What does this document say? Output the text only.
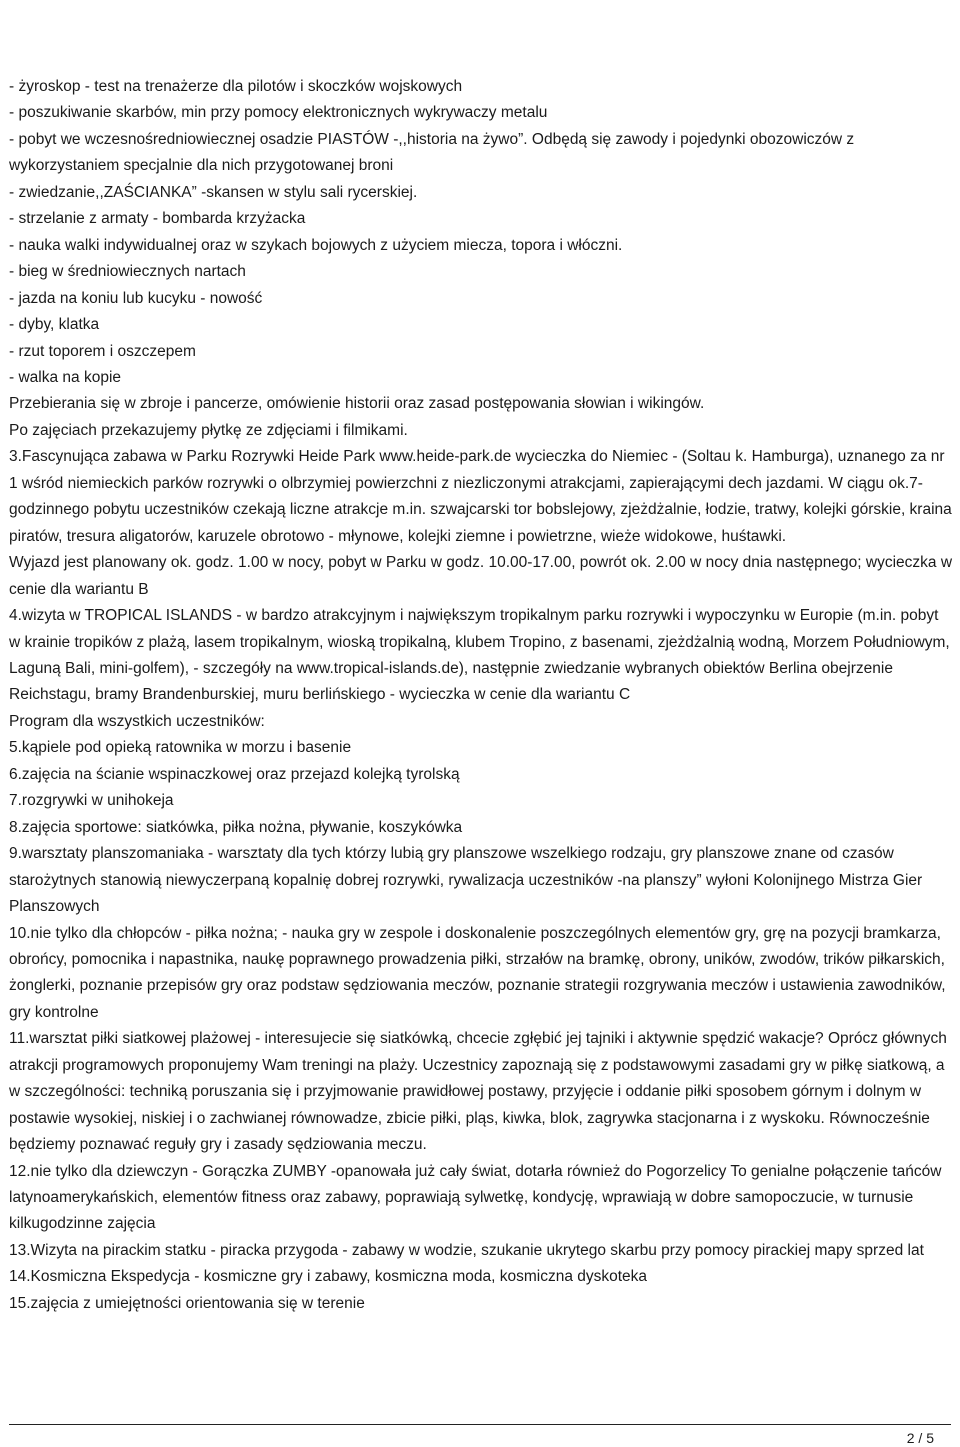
- żyroskop - test na trenażerze dla pilotów i skoczków wojskowych

- poszukiwanie skarbów, min przy pomocy elektronicznych wykrywaczy metalu

- pobyt we wczesnośredniowiecznej osadzie PIASTÓW -,,historia na żywo”. Odbędą się zawody i pojedynki obozowiczów z wykorzystaniem specjalnie dla nich przygotowanej broni

- zwiedzanie,,ZAŚCIANKA” -skansen w stylu sali rycerskiej.

- strzelanie z armaty - bombarda krzyżacka

- nauka walki indywidualnej oraz w szykach bojowych z użyciem miecza, topora i włóczni.

- bieg w średniowiecznych nartach

- jazda na koniu lub kucyku - nowość

- dyby, klatka

- rzut toporem i oszczepem

- walka na kopie

Przebierania się w zbroje i pancerze, omówienie historii oraz zasad postępowania słowian i wikingów.

Po zajęciach przekazujemy płytkę ze zdjęciami i filmikami.

3.Fascynująca zabawa w Parku Rozrywki Heide Park www.heide-park.de wycieczka do Niemiec - (Soltau k. Hamburga), uznanego za nr 1 wśród niemieckich parków rozrywki o olbrzymiej powierzchni z niezliczonymi atrakcjami, zapierającymi dech jazdami. W ciągu ok.7-godzinnego pobytu uczestników czekają liczne atrakcje m.in. szwajcarski tor bobslejowy, zjeżdżalnie, łodzie, tratwy, kolejki górskie, kraina piratów, tresura aligatorów, karuzele obrotowo - młynowe, kolejki ziemne i powietrzne, wieże widokowe, huśtawki.

Wyjazd jest planowany ok. godz. 1.00 w nocy, pobyt w Parku w godz. 10.00-17.00, powrót ok. 2.00 w nocy dnia następnego; wycieczka w cenie dla wariantu B

4.wizyta w TROPICAL ISLANDS - w bardzo atrakcyjnym i największym tropikalnym parku rozrywki i wypoczynku w Europie (m.in. pobyt w krainie tropików z plażą, lasem tropikalnym, wioską tropikalną, klubem Tropino, z basenami, zjeżdżalnią wodną, Morzem Południowym, Laguną Bali, mini-golfem), - szczegóły na www.tropical-islands.de), następnie zwiedzanie wybranych obiektów Berlina obejrzenie Reichstagu, bramy Brandenburskiej, muru berlińskiego - wycieczka w cenie dla wariantu C

Program dla wszystkich uczestników:

5.kąpiele pod opieką ratownika w morzu i basenie

6.zajęcia na ścianie wspinaczkowej oraz przejazd kolejką tyrolską

7.rozgrywki w unihokeja

8.zajęcia sportowe: siatkówka, piłka nożna, pływanie, koszykówka

9.warsztaty planszomaniaka - warsztaty dla tych którzy lubią gry planszowe wszelkiego rodzaju, gry planszowe znane od czasów starożytnych stanowią niewyczerpaną kopalnię dobrej rozrywki, rywalizacja uczestników -na planszy” wyłoni Kolonijnego Mistrza Gier Planszowych

10.nie tylko dla chłopców - piłka nożna; - nauka gry w zespole i doskonalenie poszczególnych elementów gry, grę na pozycji bramkarza, obrońcy, pomocnika i napastnika, naukę poprawnego prowadzenia piłki, strzałów na bramkę, obrony, uników, zwodów, trików piłkarskich, żonglerki, poznanie przepisów gry oraz podstaw sędziowania meczów, poznanie strategii rozgrywania meczów i ustawienia zawodników, gry kontrolne

11.warsztat piłki siatkowej plażowej - interesujecie się siatkówką, chcecie zgłębić jej tajniki i aktywnie spędzić wakacje? Oprócz głównych atrakcji programowych proponujemy Wam treningi na plaży. Uczestnicy zapoznają się z podstawowymi zasadami gry w piłkę siatkową, a w szczególności: techniką poruszania się i przyjmowanie prawidłowej postawy, przyjęcie i oddanie piłki sposobem górnym i dolnym w postawie wysokiej, niskiej i o zachwianej równowadze, zbicie piłki, pląs, kiwka, blok, zagrywka stacjonarna i z wyskoku. Równocześnie będziemy poznawać reguły gry i zasady sędziowania meczu.

12.nie tylko dla dziewczyn - Gorączka ZUMBY -opanowała już cały świat, dotarła również do Pogorzelicy To genialne połączenie tańców latynoamerykańskich, elementów fitness oraz zabawy, poprawiają sylwetkę, kondycję, wprawiają w dobre samopoczucie, w turnusie kilkugodzinne zajęcia

13.Wizyta na pirackim statku - piracka przygoda - zabawy w wodzie, szukanie ukrytego skarbu przy pomocy pirackiej mapy sprzed lat

14.Kosmiczna Ekspedycja - kosmiczne gry i zabawy, kosmiczna moda, kosmiczna dyskoteka

15.zajęcia z umiejętności orientowania się w terenie

2 / 5
